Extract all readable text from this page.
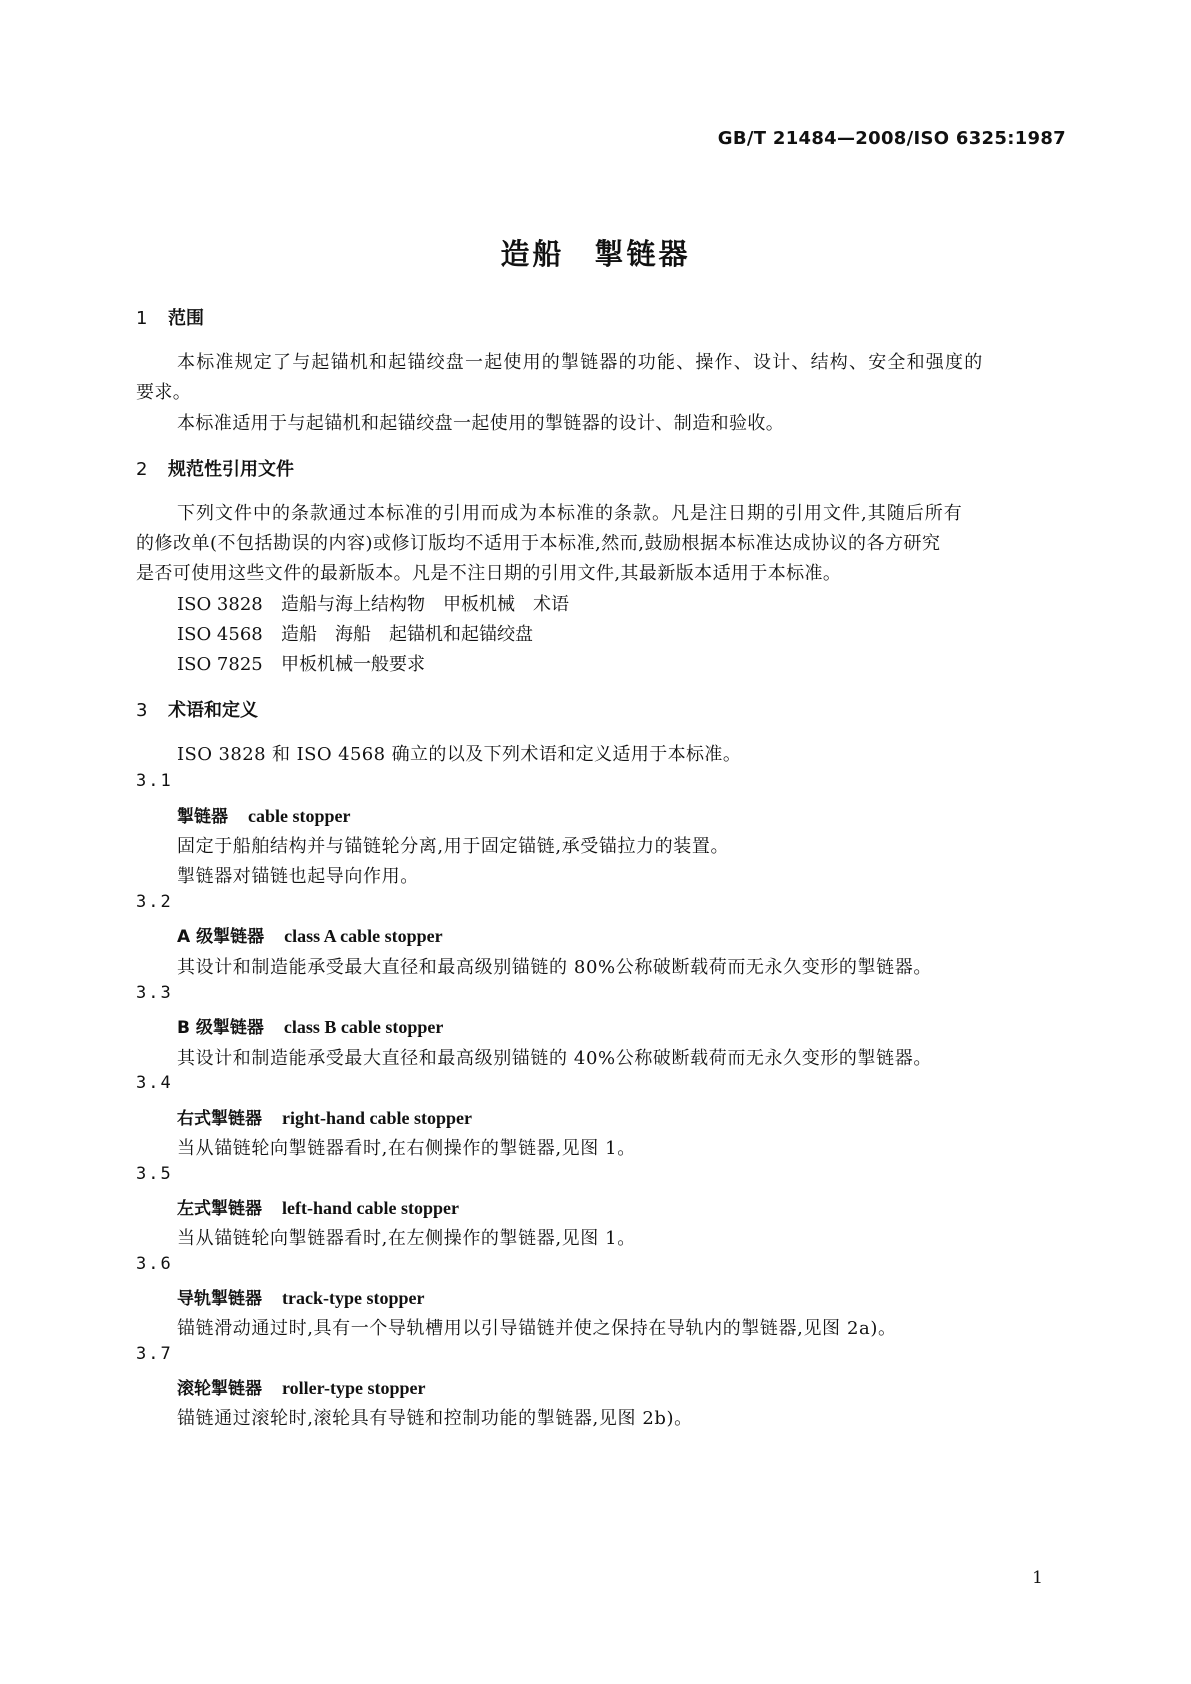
GB/T 21484—2008/ISO 6325:1987
造船 掣链器
1 范围
本标准规定了与起锚机和起锚绞盘一起使用的掣链器的功能、操作、设计、结构、安全和强度的
要求。
本标准适用于与起锚机和起锚绞盘一起使用的掣链器的设计、制造和验收。
2 规范性引用文件
下列文件中的条款通过本标准的引用而成为本标准的条款。凡是注日期的引用文件,其随后所有
的修改单(不包括勘误的内容)或修订版均不适用于本标准,然而,鼓励根据本标准达成协议的各方研究
是否可使用这些文件的最新版本。凡是不注日期的引用文件,其最新版本适用于本标准。
ISO 3828 造船与海上结构物　甲板机械　术语
ISO 4568 造船　海船　起锚机和起锚绞盘
ISO 7825 甲板机械一般要求
3 术语和定义
ISO 3828 和 ISO 4568 确立的以及下列术语和定义适用于本标准。
3.1
掣链器 cable stopper
固定于船舶结构并与锚链轮分离,用于固定锚链,承受锚拉力的装置。
掣链器对锚链也起导向作用。
3.2
A 级掣链器 class A cable stopper
其设计和制造能承受最大直径和最高级别锚链的 80%公称破断载荷而无永久变形的掣链器。
3.3
B 级掣链器 class B cable stopper
其设计和制造能承受最大直径和最高级别锚链的 40%公称破断载荷而无永久变形的掣链器。
3.4
右式掣链器 right-hand cable stopper
当从锚链轮向掣链器看时,在右侧操作的掣链器,见图 1。
3.5
左式掣链器 left-hand cable stopper
当从锚链轮向掣链器看时,在左侧操作的掣链器,见图 1。
3.6
导轨掣链器 track-type stopper
锚链滑动通过时,具有一个导轨槽用以引导锚链并使之保持在导轨内的掣链器,见图 2a)。
3.7
滚轮掣链器 roller-type stopper
锚链通过滚轮时,滚轮具有导链和控制功能的掣链器,见图 2b)。
1
